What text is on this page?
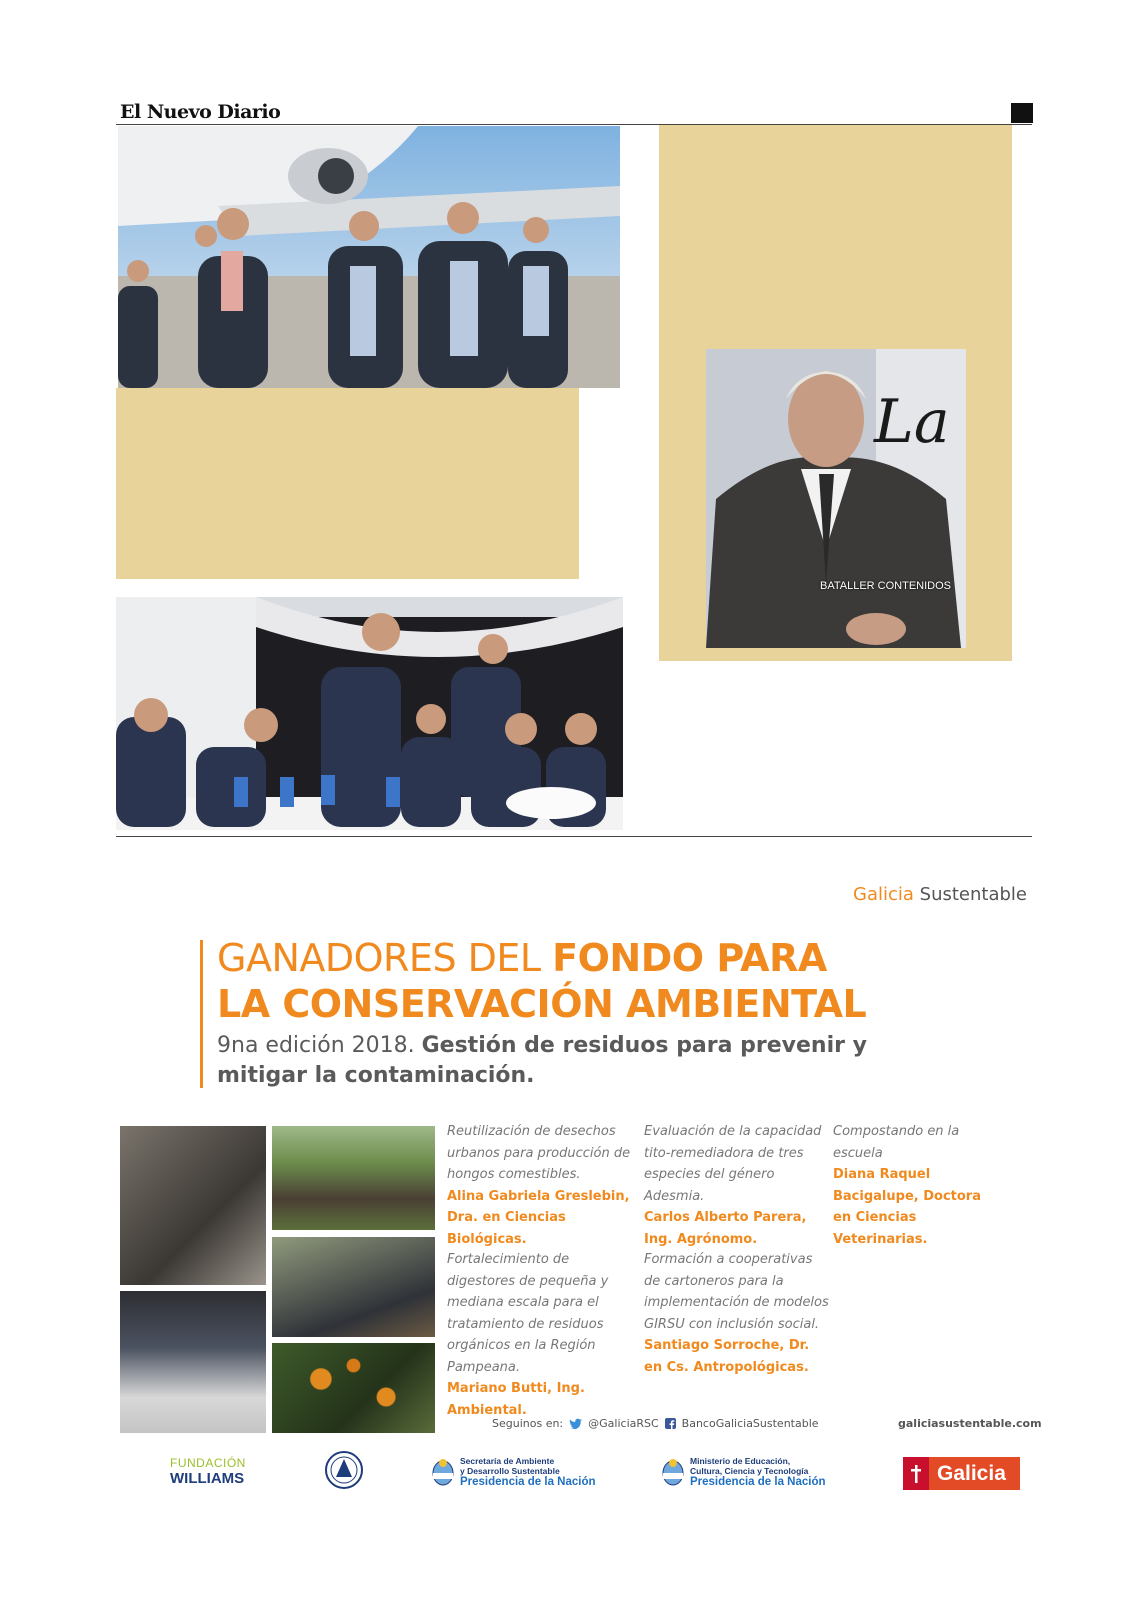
El Nuevo Diario
La
BATALLER CONTENIDOS
Galicia Sustentable
GANADORES DEL FONDO PARA
LA CONSERVACIÓN AMBIENTAL
9na edición 2018. Gestión de residuos para prevenir y
mitigar la contaminación.
Reutilización de desechos urbanos para producción de hongos comestibles.
Alina Gabriela Greslebin, Dra. en Ciencias Biológicas.
Evaluación de la capacidad tito-remediadora de tres especies del género Adesmia.
Carlos Alberto Parera, Ing. Agrónomo.
Compostando en la escuela
Diana Raquel Bacigalupe, Doctora en Ciencias Veterinarias.
Fortalecimiento de digestores de pequeña y mediana escala para el tratamiento de residuos orgánicos en la Región Pampeana.
Mariano Butti, Ing. Ambiental.
Formación a cooperativas de cartoneros para la implementación de modelos GIRSU con inclusión social.
Santiago Sorroche, Dr. en Cs. Antropológicas.
Seguinos en: @GaliciaRSC BancoGaliciaSustentable	galiciasustentable.com
FUNDACIÓN
WILLIAMS
Secretaría de Ambiente
y Desarrollo Sustentable
Presidencia de la Nación
Ministerio de Educación,
Cultura, Ciencia y Tecnología
Presidencia de la Nación	Galicia
